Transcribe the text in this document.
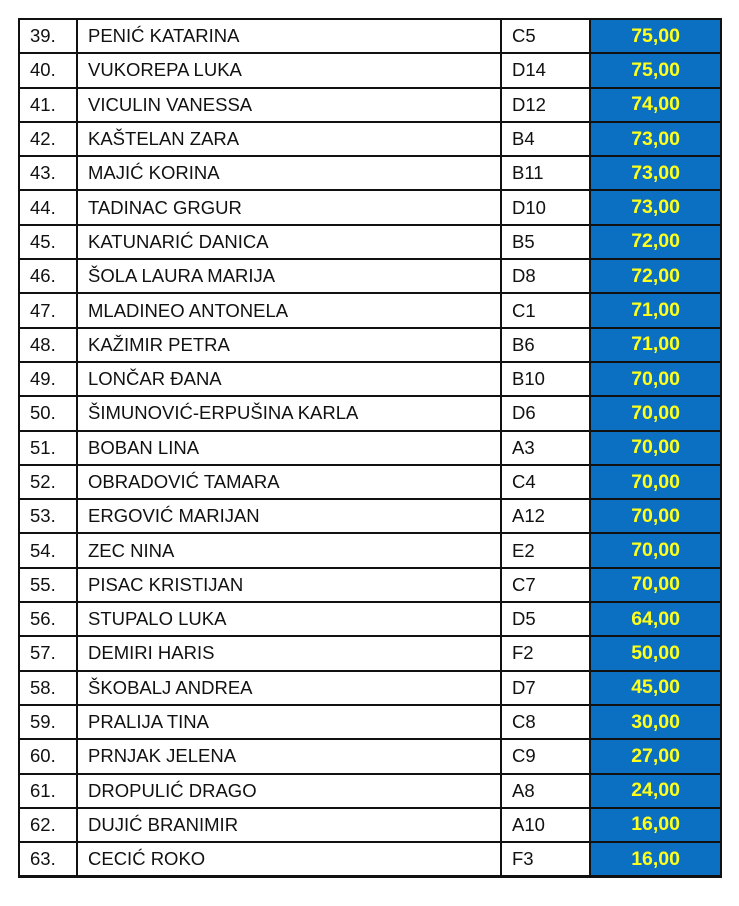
39.	PENIĆ KATARINA	C5	75,00
40.	VUKOREPA LUKA	D14	75,00
41.	VICULIN VANESSA	D12	74,00
42.	KAŠTELAN ZARA	B4	73,00
43.	MAJIĆ KORINA	B11	73,00
44.	TADINAC GRGUR	D10	73,00
45.	KATUNARIĆ DANICA	B5	72,00
46.	ŠOLA LAURA MARIJA	D8	72,00
47.	MLADINEO ANTONELA	C1	71,00
48.	KAŽIMIR PETRA	B6	71,00
49.	LONČAR ĐANA	B10	70,00
50.	ŠIMUNOVIĆ-ERPUŠINA KARLA	D6	70,00
51.	BOBAN LINA	A3	70,00
52.	OBRADOVIĆ TAMARA	C4	70,00
53.	ERGOVIĆ MARIJAN	A12	70,00
54.	ZEC NINA	E2	70,00
55.	PISAC KRISTIJAN	C7	70,00
56.	STUPALO LUKA	D5	64,00
57.	DEMIRI HARIS	F2	50,00
58.	ŠKOBALJ ANDREA	D7	45,00
59.	PRALIJA TINA	C8	30,00
60.	PRNJAK JELENA	C9	27,00
61.	DROPULIĆ DRAGO	A8	24,00
62.	DUJIĆ BRANIMIR	A10	16,00
63.	CECIĆ ROKO	F3	16,00
